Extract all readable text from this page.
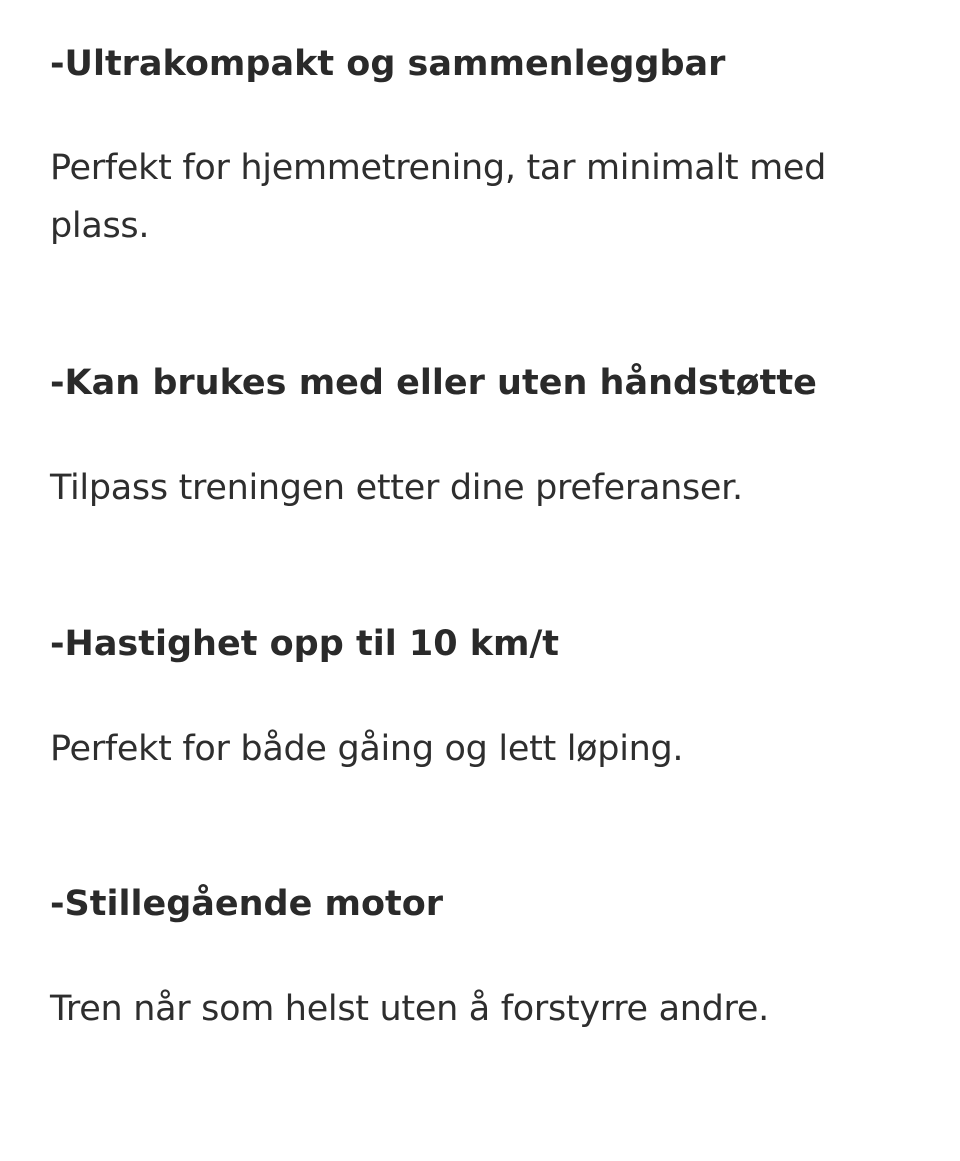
-Ultrakompakt og sammenleggbar

Perfekt for hjemmetrening, tar minimalt med plass.

-Kan brukes med eller uten håndstøtte

Tilpass treningen etter dine preferanser.

-Hastighet opp til 10 km/t

Perfekt for både gåing og lett løping.

-Stillegående motor

Tren når som helst uten å forstyrre andre.
